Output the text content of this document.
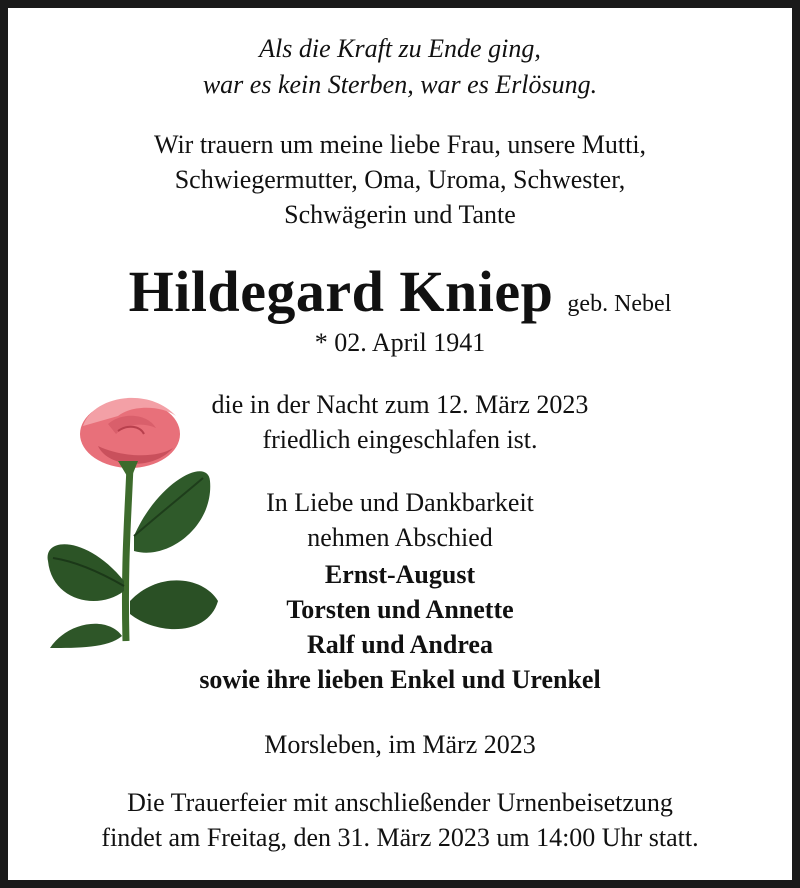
Als die Kraft zu Ende ging,
war es kein Sterben, war es Erlösung.
Wir trauern um meine liebe Frau, unsere Mutti,
Schwiegermutter, Oma, Uroma, Schwester,
Schwägerin und Tante
Hildegard Kniep geb. Nebel
* 02. April 1941
die in der Nacht zum 12. März 2023
friedlich eingeschlafen ist.
In Liebe und Dankbarkeit
nehmen Abschied
Ernst-August
Torsten und Annette
Ralf und Andrea
sowie ihre lieben Enkel und Urenkel
Morsleben, im März 2023
Die Trauerfeier mit anschließender Urnenbeisetzung
findet am Freitag, den 31. März 2023 um 14:00 Uhr statt.
